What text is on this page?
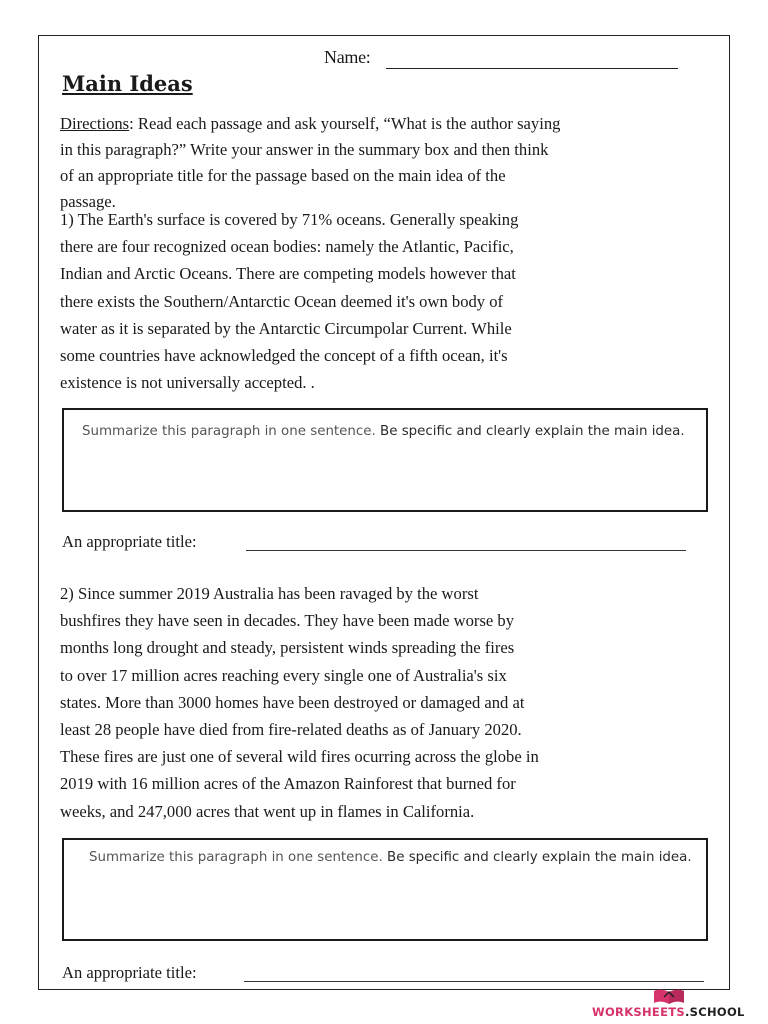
Name:
Main Ideas
Directions: Read each passage and ask yourself, “What is the author saying
in this paragraph?” Write your answer in the summary box and then think
of an appropriate title for the passage based on the main idea of the
passage.
1) The Earth's surface is covered by 71% oceans. Generally speaking
there are four recognized ocean bodies: namely the Atlantic, Pacific,
Indian and Arctic Oceans. There are competing models however that
there exists the Southern/Antarctic Ocean deemed it's own body of
water as it is separated by the Antarctic Circumpolar Current. While
some countries have acknowledged the concept of a fifth ocean, it's
existence is not universally accepted. .
Summarize this paragraph in one sentence. Be specific and clearly explain the main idea.
An appropriate title:
2) Since summer 2019 Australia has been ravaged by the worst
bushfires they have seen in decades. They have been made worse by
months long drought and steady, persistent winds spreading the fires
to over 17 million acres reaching every single one of Australia's six
states. More than 3000 homes have been destroyed or damaged and at
least 28 people have died from fire-related deaths as of January 2020.
These fires are just one of several wild fires ocurring across the globe in
2019 with 16 million acres of the Amazon Rainforest that burned for
weeks, and 247,000 acres that went up in flames in California.
Summarize this paragraph in one sentence. Be specific and clearly explain the main idea.
An appropriate title:
WORKSHEETS.SCHOOL
